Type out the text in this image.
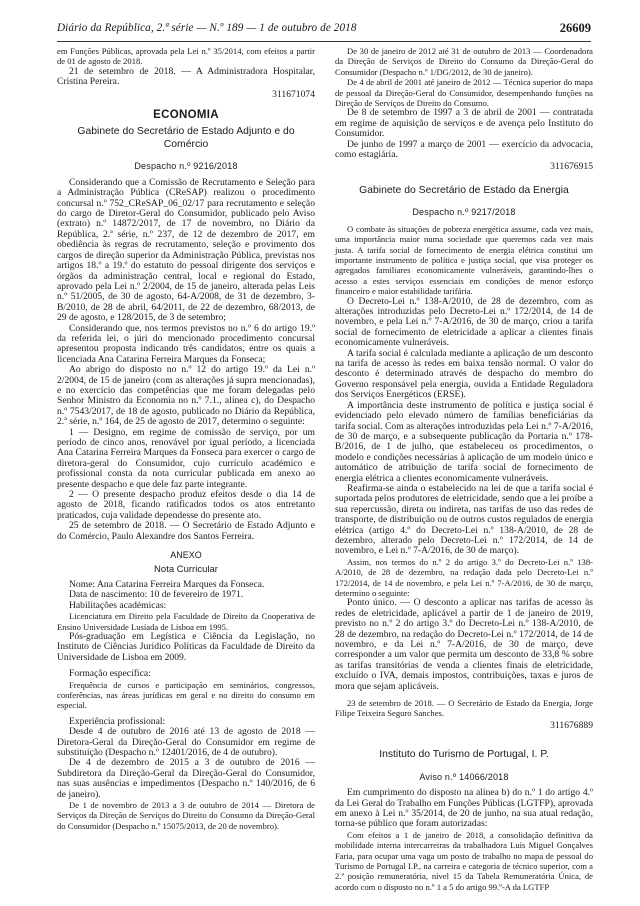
Diário da República, 2.ª série — N.º 189 — 1 de outubro de 2018	26609

em Funções Públicas, aprovada pela Lei n.º 35/2014, com efeitos a partir de 01 de agosto de 2018.

21 de setembro de 2018. — A Administradora Hospitalar, Cristina Pereira.

311671074

ECONOMIA
Gabinete do Secretário de Estado Adjunto e do Comércio
Despacho n.º 9216/2018

Considerando que a Comissão de Recrutamento e Seleção para a Administração Pública (CReSAP) realizou o procedimento concursal n.º 752_CReSAP_06_02/17 para recrutamento e seleção do cargo de Diretor-Geral do Consumidor, publicado pelo Aviso (extrato) n.º 14872/2017, de 17 de novembro, no Diário da República, 2.ª série, n.º 237, de 12 de dezembro de 2017, em obediência às regras de recrutamento, seleção e provimento dos cargos de direção superior da Administração Pública, previstas nos artigos 18.º a 19.º do estatuto do pessoal dirigente dos serviços e órgãos da administração central, local e regional do Estado, aprovado pela Lei n.º 2/2004, de 15 de janeiro, alterada pelas Leis n.º 51/2005, de 30 de agosto, 64-A/2008, de 31 de dezembro, 3-B/2010, de 28 de abril, 64/2011, de 22 de dezembro, 68/2013, de 29 de agosto, e 128/2015, de 3 de setembro;

Considerando que, nos termos previstos no n.º 6 do artigo 19.º da referida lei, o júri do mencionado procedimento concursal apresentou proposta indicando três candidatos, entre os quais a licenciada Ana Catarina Ferreira Marques da Fonseca;

Ao abrigo do disposto no n.º 12 do artigo 19.º da Lei n.º 2/2004, de 15 de janeiro (com as alterações já supra mencionadas), e no exercício das competências que me foram delegadas pelo Senhor Ministro da Economia no n.º 7.1., alínea c), do Despacho n.º 7543/2017, de 18 de agosto, publicado no Diário da República, 2.ª série, n.º 164, de 25 de agosto de 2017, determino o seguinte:

1 — Designo, em regime de comissão de serviço, por um período de cinco anos, renovável por igual período, a licenciada Ana Catarina Ferreira Marques da Fonseca para exercer o cargo de diretora-geral do Consumidor, cujo currículo académico e profissional consta da nota curricular publicada em anexo ao presente despacho e que dele faz parte integrante.

2 — O presente despacho produz efeitos desde o dia 14 de agosto de 2018, ficando ratificados todos os atos entretanto praticados, cuja validade dependesse do presente ato.

25 de setembro de 2018. — O Secretário de Estado Adjunto e do Comércio, Paulo Alexandre dos Santos Ferreira.

ANEXO
Nota Curricular

Nome: Ana Catarina Ferreira Marques da Fonseca.

Data de nascimento: 10 de fevereiro de 1971.

Habilitações académicas:

Licenciatura em Direito pela Faculdade de Direito da Cooperativa de Ensino Universidade Lusíada de Lisboa em 1995.

Pós-graduação em Legística e Ciência da Legislação, no Instituto de Ciências Jurídico Políticas da Faculdade de Direito da Universidade de Lisboa em 2009.

Formação específica:

Frequência de cursos e participação em seminários, congressos, conferências, nas áreas jurídicas em geral e no direito do consumo em especial.

Experiência profissional:

Desde 4 de outubro de 2016 até 13 de agosto de 2018 — Diretora-Geral da Direção-Geral do Consumidor em regime de substituição (Despacho n.º 12401/2016, de 4 de outubro).

De 4 de dezembro de 2015 a 3 de outubro de 2016 — Subdiretora da Direção-Geral da Direção-Geral do Consumidor, nas suas ausências e impedimentos (Despacho n.º 140/2016, de 6 de janeiro).

De 1 de novembro de 2013 a 3 de outubro de 2014 — Diretora de Serviços da Direção de Serviços do Direito do Consumo da Direção-Geral do Consumidor (Despacho n.º 15075/2013, de 20 de novembro).

De 30 de janeiro de 2012 até 31 de outubro de 2013 — Coordenadora da Direção de Serviços de Direito do Consumo da Direção-Geral do Consumidor (Despacho n.º 1/DG/2012, de 30 de janeiro).

De 4 de abril de 2001 até janeiro de 2012 — Técnica superior do mapa de pessoal da Direção-Geral do Consumidor, desempenhando funções na Direção de Serviços de Direito do Consumo.

De 8 de setembro de 1997 a 3 de abril de 2001 — contratada em regime de aquisição de serviços e de avença pelo Instituto do Consumidor.

De junho de 1997 a março de 2001 — exercício da advocacia, como estagiária.

311676915

Gabinete do Secretário de Estado da Energia
Despacho n.º 9217/2018

O combate às situações de pobreza energética assume, cada vez mais, uma importância maior numa sociedade que queremos cada vez mais justa. A tarifa social de fornecimento de energia elétrica constitui um importante instrumento de política e justiça social, que visa proteger os agregados familiares economicamente vulneráveis, garantindo-lhes o acesso a estes serviços essenciais em condições de menor esforço financeiro e maior estabilidade tarifária.

O Decreto-Lei n.º 138-A/2010, de 28 de dezembro, com as alterações introduzidas pelo Decreto-Lei n.º 172/2014, de 14 de novembro, e pela Lei n.º 7-A/2016, de 30 de março, criou a tarifa social de fornecimento de eletricidade a aplicar a clientes finais economicamente vulneráveis.

A tarifa social é calculada mediante a aplicação de um desconto na tarifa de acesso às redes em baixa tensão normal. O valor do desconto é determinado através de despacho do membro do Governo responsável pela energia, ouvida a Entidade Reguladora dos Serviços Energéticos (ERSE).

A importância deste instrumento de política e justiça social é evidenciado pelo elevado número de famílias beneficiárias da tarifa social. Com as alterações introduzidas pela Lei n.º 7-A/2016, de 30 de março, e a subsequente publicação da Portaria n.º 178-B/2016, de 1 de julho, que estabeleceu os procedimentos, o modelo e condições necessárias à aplicação de um modelo único e automático de atribuição de tarifa social de fornecimento de energia elétrica a clientes economicamente vulneráveis.

Reafirma-se ainda o estabelecido na lei de que a tarifa social é suportada pelos produtores de eletricidade, sendo que a lei proíbe a sua repercussão, direta ou indireta, nas tarifas de uso das redes de transporte, de distribuição ou de outros custos regulados de energia elétrica (artigo 4.º do Decreto-Lei n.º 138-A/2010, de 28 de dezembro, alterado pelo Decreto-Lei n.º 172/2014, de 14 de novembro, e Lei n.º 7-A/2016, de 30 de março).

Assim, nos termos do n.º 2 do artigo 3.º do Decreto-Lei n.º 138-A/2010, de 28 de dezembro, na redação dada pelo Decreto-Lei n.º 172/2014, de 14 de novembro, e pela Lei n.º 7-A/2016, de 30 de março, determino o seguinte:

Ponto único. — O desconto a aplicar nas tarifas de acesso às redes de eletricidade, aplicável a partir de 1 de janeiro de 2019, previsto no n.º 2 do artigo 3.º do Decreto-Lei n.º 138-A/2010, de 28 de dezembro, na redação do Decreto-Lei n.º 172/2014, de 14 de novembro, e da Lei n.º 7-A/2016, de 30 de março, deve corresponder a um valor que permita um desconto de 33,8 % sobre as tarifas transitórias de venda a clientes finais de eletricidade, excluído o IVA, demais impostos, contribuições, taxas e juros de mora que sejam aplicáveis.

23 de setembro de 2018. — O Secretário de Estado da Energia, Jorge Filipe Teixeira Seguro Sanches.

311676889

Instituto do Turismo de Portugal, I. P.
Aviso n.º 14066/2018

Em cumprimento do disposto na alínea b) do n.º 1 do artigo 4.º da Lei Geral do Trabalho em Funções Públicas (LGTFP), aprovada em anexo à Lei n.º 35/2014, de 20 de junho, na sua atual redação, torna-se público que foram autorizadas:

Com efeitos a 1 de janeiro de 2018, a consolidação definitiva da mobilidade interna intercarreiras da trabalhadora Luís Miguel Gonçalves Faria, para ocupar uma vaga um posto de trabalho no mapa de pessoal do Turismo de Portugal I.P., na carreira e categoria de técnico superior, com a 2.ª posição remuneratória, nível 15 da Tabela Remuneratória Única, de acordo com o disposto no n.º 1 a 5 do artigo 99.º-A da LGTFP
